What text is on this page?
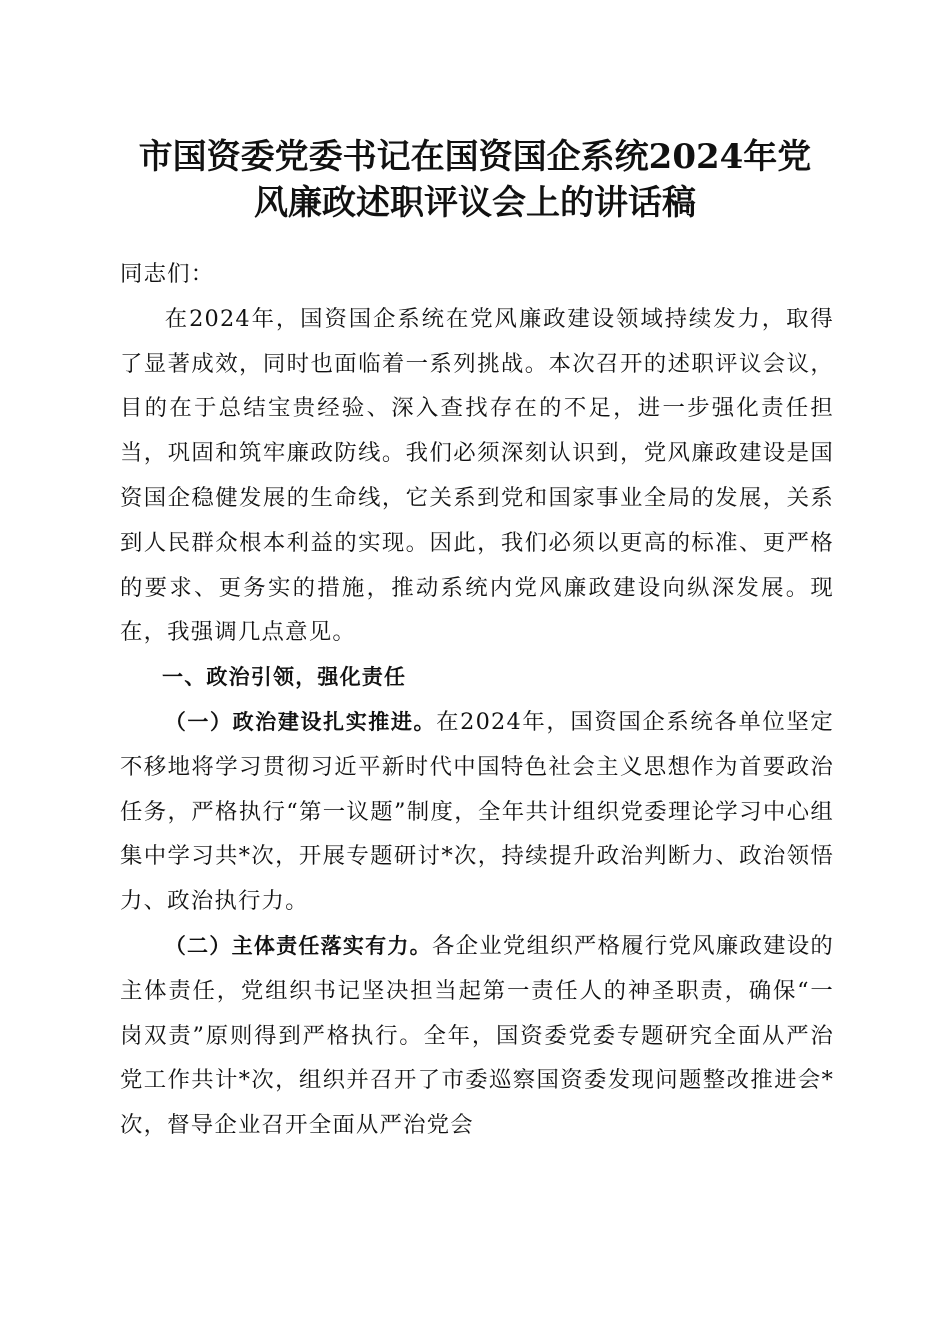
市国资委党委书记在国资国企系统2024年党
风廉政述职评议会上的讲话稿

同志们：

在2024年，国资国企系统在党风廉政建设领域持续发力，取得了显著成效，同时也面临着一系列挑战。本次召开的述职评议会议，目的在于总结宝贵经验、深入查找存在的不足，进一步强化责任担当，巩固和筑牢廉政防线。我们必须深刻认识到，党风廉政建设是国资国企稳健发展的生命线，它关系到党和国家事业全局的发展，关系到人民群众根本利益的实现。因此，我们必须以更高的标准、更严格的要求、更务实的措施，推动系统内党风廉政建设向纵深发展。现在，我强调几点意见。

一、政治引领，强化责任

（一）政治建设扎实推进。在2024年，国资国企系统各单位坚定不移地将学习贯彻习近平新时代中国特色社会主义思想作为首要政治任务，严格执行“第一议题”制度，全年共计组织党委理论学习中心组集中学习共*次，开展专题研讨*次，持续提升政治判断力、政治领悟力、政治执行力。

（二）主体责任落实有力。各企业党组织严格履行党风廉政建设的主体责任，党组织书记坚决担当起第一责任人的神圣职责，确保“一岗双责”原则得到严格执行。全年，国资委党委专题研究全面从严治党工作共计*次，组织并召开了市委巡察国资委发现问题整改推进会*次，督导企业召开全面从严治党会
